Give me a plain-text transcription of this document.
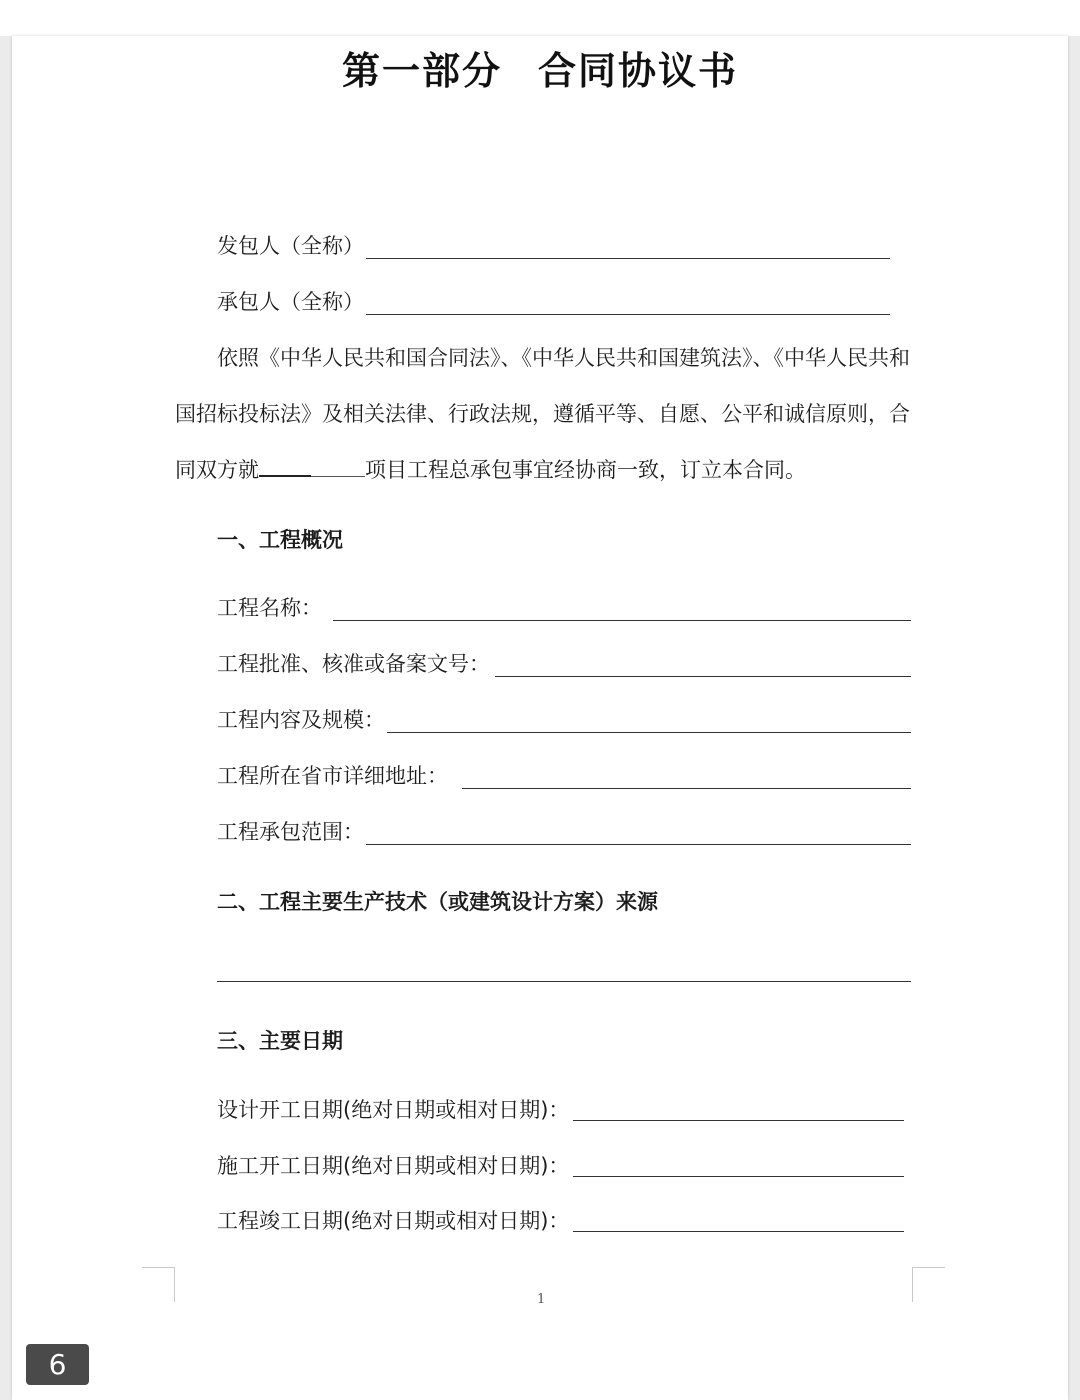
第一部分 合同协议书
发包人（全称）
承包人（全称）
依照《中华人民共和国合同法》、《中华人民共和国建筑法》、《中华人民共和
国招标投标法》及相关法律、行政法规，遵循平等、自愿、公平和诚信原则，合
同双方就	项目工程总承包事宜经协商一致，订立本合同。
一、工程概况
工程名称：
工程批准、核准或备案文号：
工程内容及规模：
工程所在省市详细地址：
工程承包范围：
二、工程主要生产技术（或建筑设计方案）来源
三、主要日期
设计开工日期(绝对日期或相对日期)：
施工开工日期(绝对日期或相对日期)：
工程竣工日期(绝对日期或相对日期)：
1
6
